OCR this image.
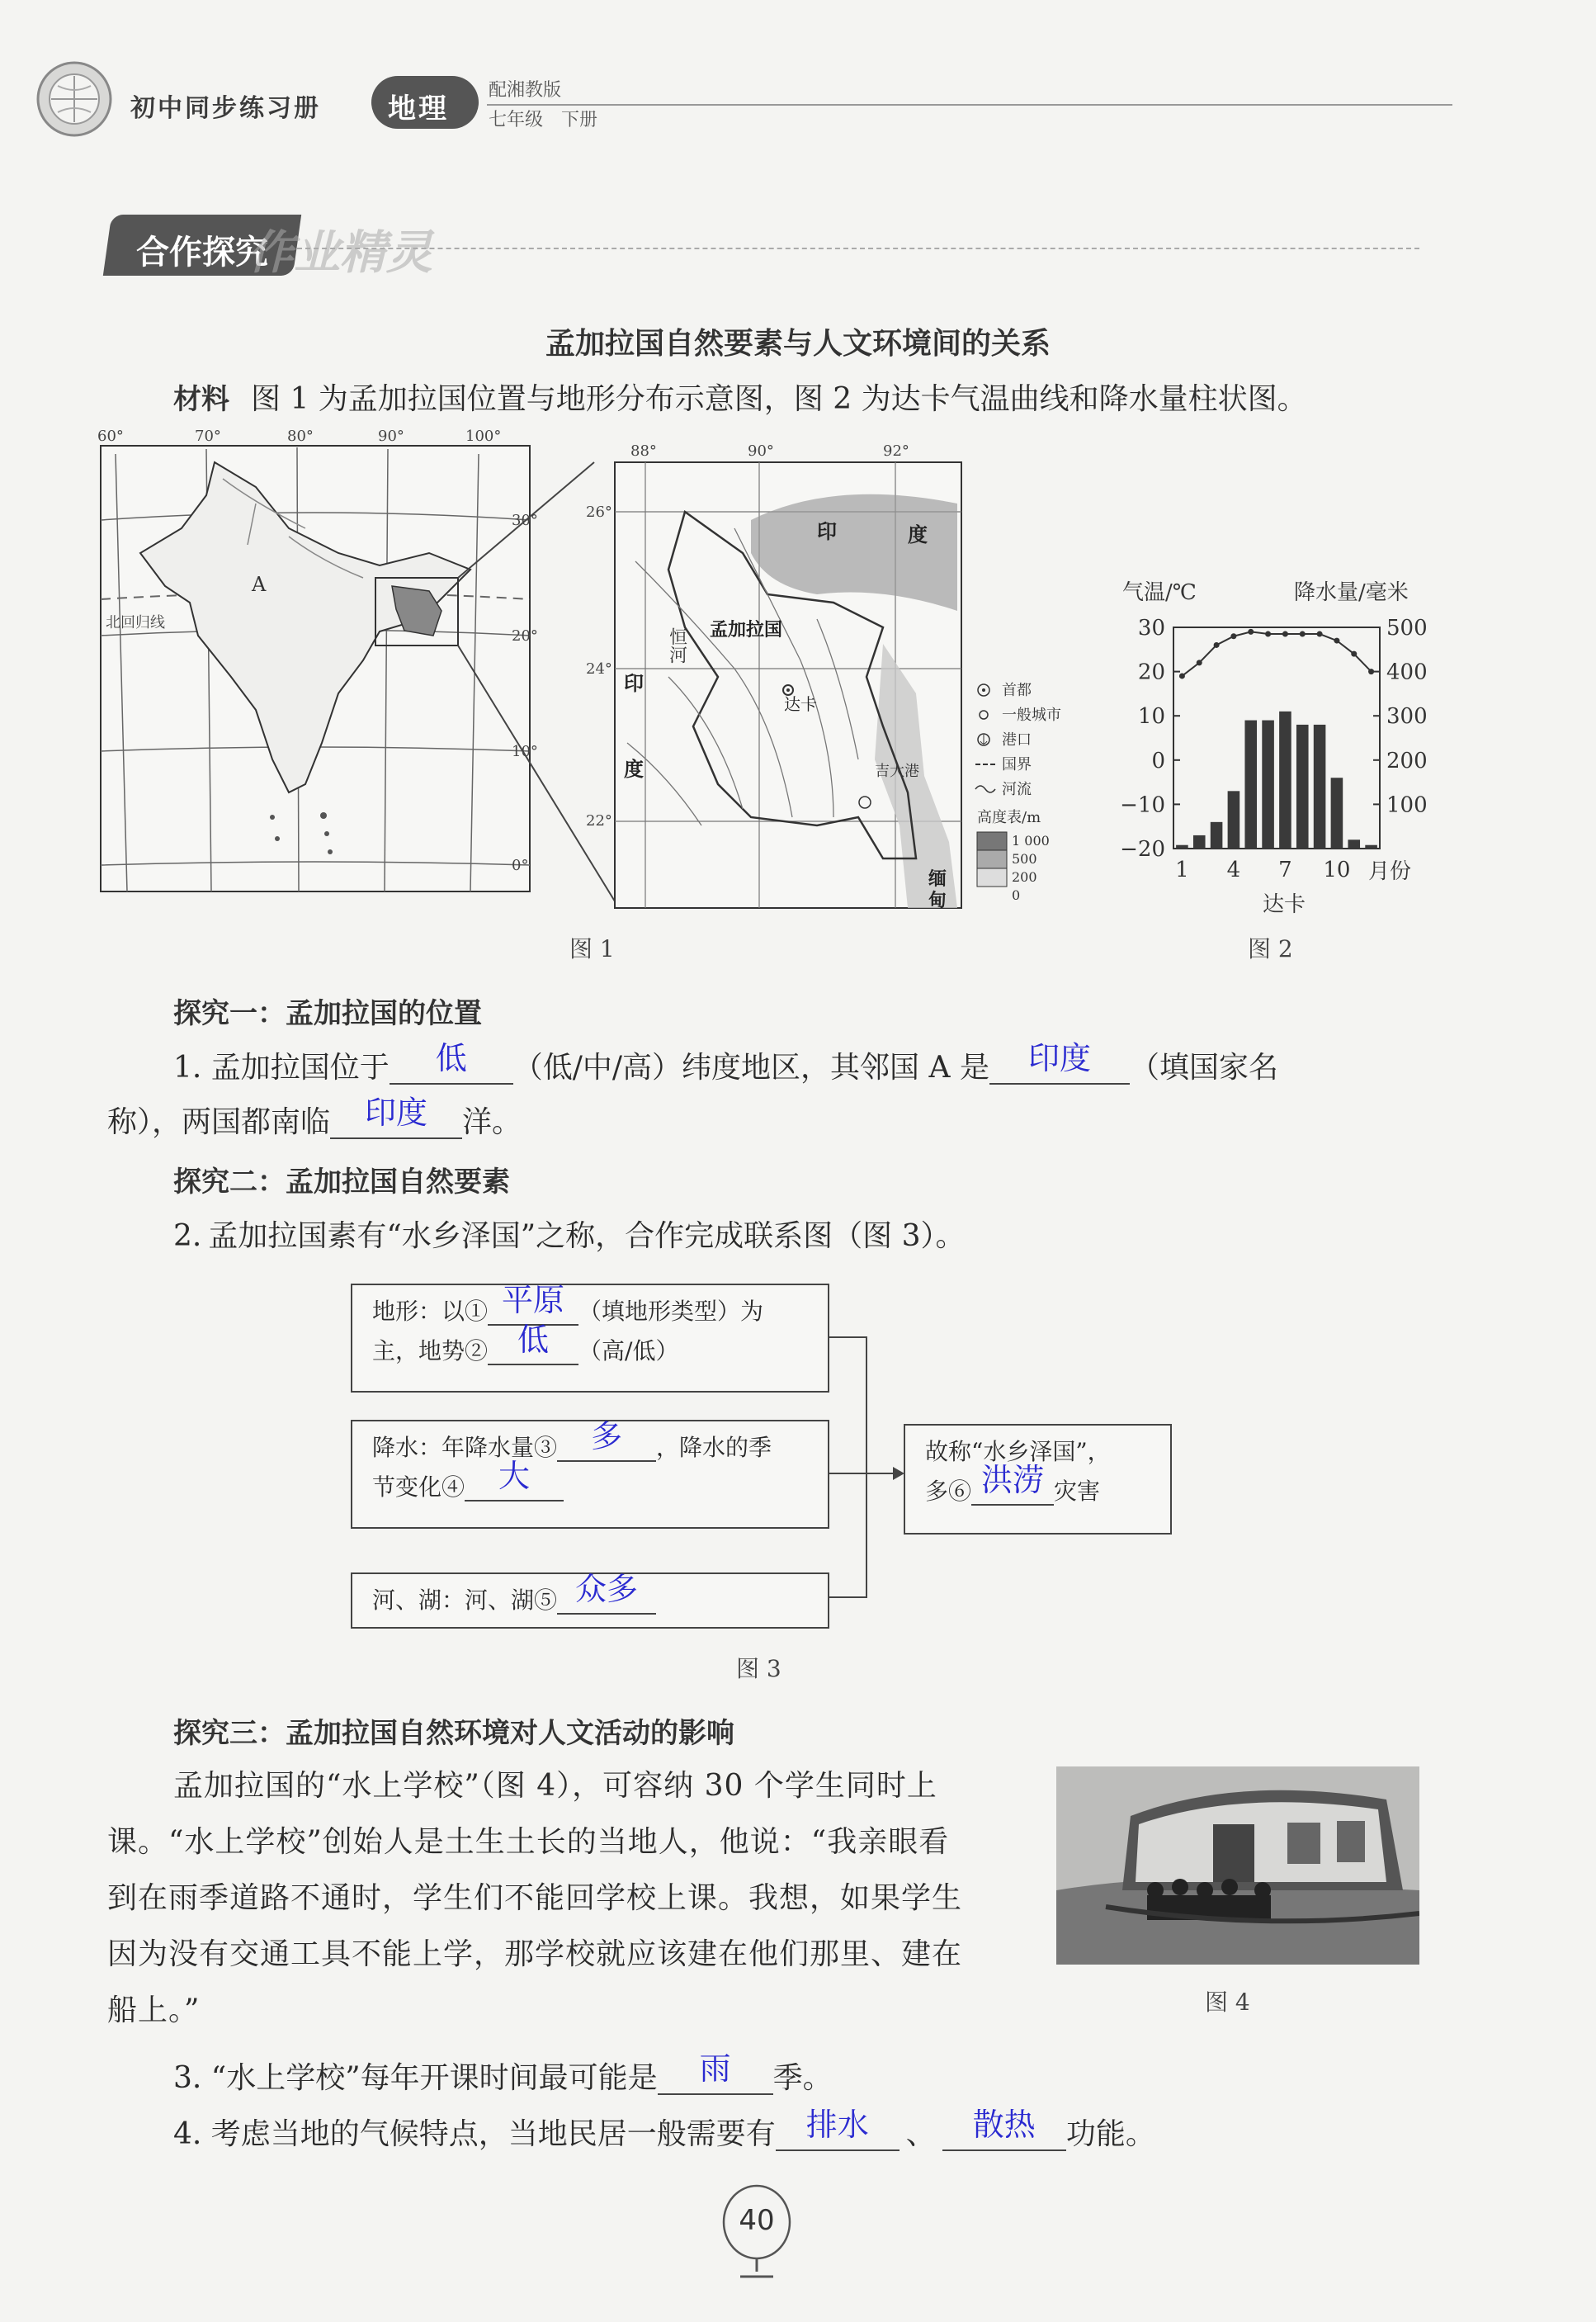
初中同步练习册 地理
配湘教版
七年级　下册
合作探究
作业精灵
孟加拉国自然要素与人文环境间的关系
材料 图 1 为孟加拉国位置与地形分布示意图，图 2 为达卡气温曲线和降水量柱状图。
60°	70°	80°	90°	100°
30°
20°
10°
0°
A
北回归线
88°	90°	92°
26°
24°
22°
印	度
印
度
恒河 孟加拉国
达卡
吉大港
缅
甸
首都
一般城市
港口
国界
河流
高度表/m
1 000
500
200
0
图 1
气温/℃	降水量/毫米
30
20
10
0
−10
−20
500
400
300
200
100
1 4 7 10 月份
达卡
图 2
探究一：孟加拉国的位置
1. 孟加拉国位于 低 （低/中/高）纬度地区，其邻国 A 是 印度 （填国家名
称），两国都南临 印度 洋。
探究二：孟加拉国自然要素
2. 孟加拉国素有“水乡泽国”之称，合作完成联系图（图 3）。
地形：以① 平原 （填地形类型）为
主，地势② 低 （高/低）
降水：年降水量③ 多 ，降水的季
节变化④ 大
河、湖：河、湖⑤ 众多
故称“水乡泽国”，
多⑥ 洪涝 灾害
图 3
探究三：孟加拉国自然环境对人文活动的影响
孟加拉国的“水上学校”（图 4），可容纳 30 个学生同时上
课。“水上学校”创始人是土生土长的当地人，他说：“我亲眼看
到在雨季道路不通时，学生们不能回学校上课。我想，如果学生
因为没有交通工具不能上学，那学校就应该建在他们那里、建在
船上。”	图 4
3. “水上学校”每年开课时间最可能是 雨 季。
4. 考虑当地的气候特点，当地民居一般需要有 排水 、 散热 功能。
40
